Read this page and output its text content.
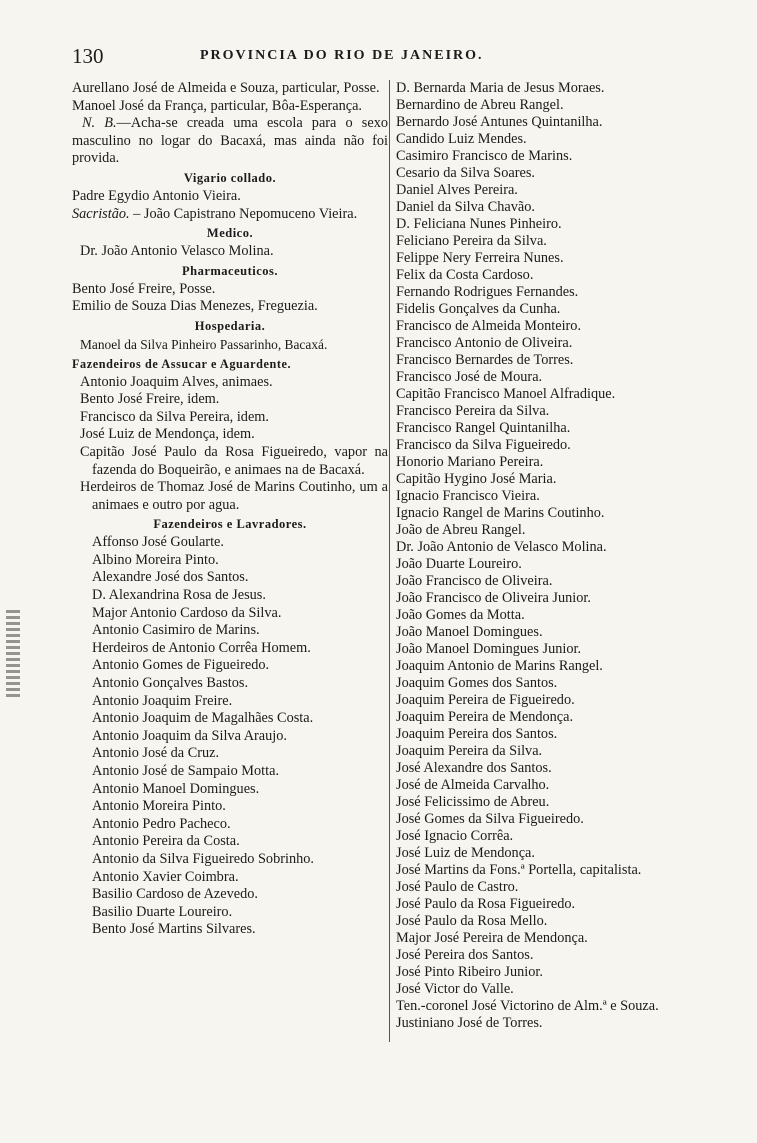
130	PROVINCIA DO RIO DE JANEIRO.
Aurellano José de Almeida e Souza, particular, Posse.
Manoel José da França, particular, Bôa-Esperança.
N. B.—Acha-se creada uma escola para o sexo masculino no logar do Bacaxá, mas ainda não foi provida.
Vigario collado.
Padre Egydio Antonio Vieira.
Sacristão. – João Capistrano Nepomuceno Vieira.
Medico.
Dr. João Antonio Velasco Molina.
Pharmaceuticos.
Bento José Freire, Posse.
Emilio de Souza Dias Menezes, Freguezia.
Hospedaria.
Manoel da Silva Pinheiro Passarinho, Bacaxá.
Fazendeiros de Assucar e Aguardente.
Antonio Joaquim Alves, animaes.
Bento José Freire, idem.
Francisco da Silva Pereira, idem.
José Luiz de Mendonça, idem.
Capitão José Paulo da Rosa Figueiredo, vapor na fazenda do Boqueirão, e animaes na de Bacaxá.
Herdeiros de Thomaz José de Marins Coutinho, um a animaes e outro por agua.
Fazendeiros e Lavradores.
Affonso José Goularte.
Albino Moreira Pinto.
Alexandre José dos Santos.
D. Alexandrina Rosa de Jesus.
Major Antonio Cardoso da Silva.
Antonio Casimiro de Marins.
Herdeiros de Antonio Corrêa Homem.
Antonio Gomes de Figueiredo.
Antonio Gonçalves Bastos.
Antonio Joaquim Freire.
Antonio Joaquim de Magalhães Costa.
Antonio Joaquim da Silva Araujo.
Antonio José da Cruz.
Antonio José de Sampaio Motta.
Antonio Manoel Domingues.
Antonio Moreira Pinto.
Antonio Pedro Pacheco.
Antonio Pereira da Costa.
Antonio da Silva Figueiredo Sobrinho.
Antonio Xavier Coimbra.
Basilio Cardoso de Azevedo.
Basilio Duarte Loureiro.
Bento José Martins Silvares.
D. Bernarda Maria de Jesus Moraes.
Bernardino de Abreu Rangel.
Bernardo José Antunes Quintanilha.
Candido Luiz Mendes.
Casimiro Francisco de Marins.
Cesario da Silva Soares.
Daniel Alves Pereira.
Daniel da Silva Chavão.
D. Feliciana Nunes Pinheiro.
Feliciano Pereira da Silva.
Felippe Nery Ferreira Nunes.
Felix da Costa Cardoso.
Fernando Rodrigues Fernandes.
Fidelis Gonçalves da Cunha.
Francisco de Almeida Monteiro.
Francisco Antonio de Oliveira.
Francisco Bernardes de Torres.
Francisco José de Moura.
Capitão Francisco Manoel Alfradique.
Francisco Pereira da Silva.
Francisco Rangel Quintanilha.
Francisco da Silva Figueiredo.
Honorio Mariano Pereira.
Capitão Hygino José Maria.
Ignacio Francisco Vieira.
Ignacio Rangel de Marins Coutinho.
João de Abreu Rangel.
Dr. João Antonio de Velasco Molina.
João Duarte Loureiro.
João Francisco de Oliveira.
João Francisco de Oliveira Junior.
João Gomes da Motta.
João Manoel Domingues.
João Manoel Domingues Junior.
Joaquim Antonio de Marins Rangel.
Joaquim Gomes dos Santos.
Joaquim Pereira de Figueiredo.
Joaquim Pereira de Mendonça.
Joaquim Pereira dos Santos.
Joaquim Pereira da Silva.
José Alexandre dos Santos.
José de Almeida Carvalho.
José Felicissimo de Abreu.
José Gomes da Silva Figueiredo.
José Ignacio Corrêa.
José Luiz de Mendonça.
José Martins da Fons.ª Portella, capitalista.
José Paulo de Castro.
José Paulo da Rosa Figueiredo.
José Paulo da Rosa Mello.
Major José Pereira de Mendonça.
José Pereira dos Santos.
José Pinto Ribeiro Junior.
José Victor do Valle.
Ten.-coronel José Victorino de Alm.ª e Souza.
Justiniano José de Torres.
